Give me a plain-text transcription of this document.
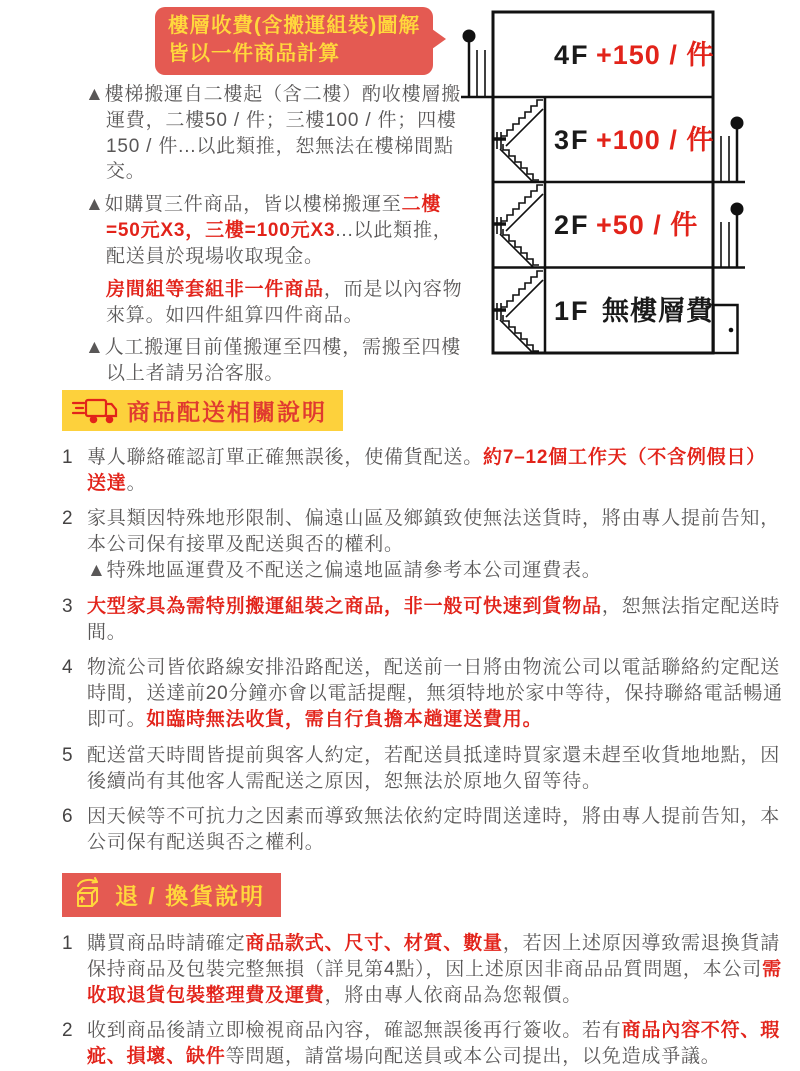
樓層收費(含搬運組裝)圖解
皆以一件商品計算

▲樓梯搬運自二樓起（含二樓）酌收樓層搬運費，二樓50 / 件；三樓100 / 件；四樓150 / 件...以此類推，恕無法在樓梯間點交。

▲如購買三件商品，皆以樓梯搬運至二樓=50元X3，三樓=100元X3...以此類推，配送員於現場收取現金。

房間組等套組非一件商品，而是以內容物來算。如四件組算四件商品。

▲人工搬運目前僅搬運至四樓，需搬至四樓以上者請另洽客服。

4F +150 / 件
3F +100 / 件
2F +50 / 件
1F 無樓層費
商品配送相關說明
1 專人聯絡確認訂單正確無誤後，使備貨配送。約7–12個工作天（不含例假日）送達。
2 家具類因特殊地形限制、偏遠山區及鄉鎮致使無法送貨時，將由專人提前告知，本公司保有接單及配送與否的權利。
▲特殊地區運費及不配送之偏遠地區請參考本公司運費表。
3 大型家具為需特別搬運組裝之商品，非一般可快速到貨物品，恕無法指定配送時間。
4 物流公司皆依路線安排沿路配送，配送前一日將由物流公司以電話聯絡約定配送時間，送達前20分鐘亦會以電話提醒，無須特地於家中等待，保持聯絡電話暢通即可。如臨時無法收貨，需自行負擔本趟運送費用。
5 配送當天時間皆提前與客人約定，若配送員抵達時買家還未趕至收貨地地點，因後續尚有其他客人需配送之原因，恕無法於原地久留等待。
6 因天候等不可抗力之因素而導致無法依約定時間送達時，將由專人提前告知，本公司保有配送與否之權利。
退 / 換貨說明
1 購買商品時請確定商品款式、尺寸、材質、數量，若因上述原因導致需退換貨請保持商品及包裝完整無損（詳見第4點），因上述原因非商品品質問題，本公司需收取退貨包裝整理費及運費，將由專人依商品為您報價。
2 收到商品後請立即檢視商品內容，確認無誤後再行簽收。若有商品內容不符、瑕疵、損壞、缺件等問題，請當場向配送員或本公司提出，以免造成爭議。
